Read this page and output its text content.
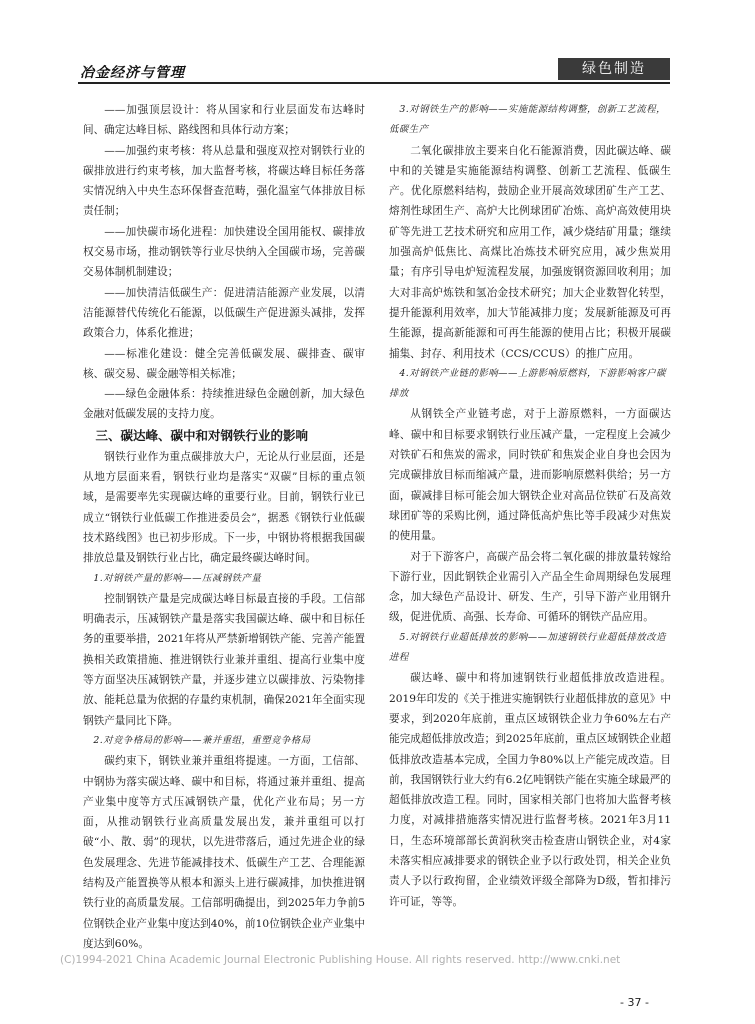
冶金经济与管理	绿色制造

——加强顶层设计：将从国家和行业层面发布达峰时间、确定达峰目标、路线图和具体行动方案；

——加强约束考核：将从总量和强度双控对钢铁行业的碳排放进行约束考核，加大监督考核，将碳达峰目标任务落实情况纳入中央生态环保督查范畴，强化温室气体排放目标责任制；

——加快碳市场化进程：加快建设全国用能权、碳排放权交易市场，推动钢铁等行业尽快纳入全国碳市场，完善碳交易体制机制建设；

——加快清洁低碳生产：促进清洁能源产业发展，以清洁能源替代传统化石能源，以低碳生产促进源头减排，发挥政策合力，体系化推进；

——标准化建设：健全完善低碳发展、碳排查、碳审核、碳交易、碳金融等相关标准；

——绿色金融体系：持续推进绿色金融创新，加大绿色金融对低碳发展的支持力度。

三、碳达峰、碳中和对钢铁行业的影响

钢铁行业作为重点碳排放大户，无论从行业层面，还是从地方层面来看，钢铁行业均是落实“双碳”目标的重点领域，是需要率先实现碳达峰的重要行业。目前，钢铁行业已成立“钢铁行业低碳工作推进委员会”，据悉《钢铁行业低碳技术路线图》也已初步形成。下一步，中钢协将根据我国碳排放总量及钢铁行业占比，确定最终碳达峰时间。

1.对钢铁产量的影响——压减钢铁产量

控制钢铁产量是完成碳达峰目标最直接的手段。工信部明确表示，压减钢铁产量是落实我国碳达峰、碳中和目标任务的重要举措，2021年将从严禁新增钢铁产能、完善产能置换相关政策措施、推进钢铁行业兼并重组、提高行业集中度等方面坚决压减钢铁产量，并逐步建立以碳排放、污染物排放、能耗总量为依据的存量约束机制，确保2021年全面实现钢铁产量同比下降。

2.对竞争格局的影响——兼并重组，重塑竞争格局

碳约束下，钢铁业兼并重组将提速。一方面，工信部、中钢协为落实碳达峰、碳中和目标，将通过兼并重组、提高产业集中度等方式压减钢铁产量，优化产业布局；另一方面，从推动钢铁行业高质量发展出发，兼并重组可以打破“小、散、弱”的现状，以先进带落后，通过先进企业的绿色发展理念、先进节能减排技术、低碳生产工艺、合理能源结构及产能置换等从根本和源头上进行碳减排，加快推进钢铁行业的高质量发展。工信部明确提出，到2025年力争前5位钢铁企业产业集中度达到40%，前10位钢铁企业产业集中度达到60%。

3.对钢铁生产的影响——实施能源结构调整，创新工艺流程，低碳生产

二氧化碳排放主要来自化石能源消费，因此碳达峰、碳中和的关键是实施能源结构调整、创新工艺流程、低碳生产。优化原燃料结构，鼓励企业开展高效球团矿生产工艺、熔剂性球团生产、高炉大比例球团矿冶炼、高炉高效使用块矿等先进工艺技术研究和应用工作，减少烧结矿用量；继续加强高炉低焦比、高煤比冶炼技术研究应用，减少焦炭用量；有序引导电炉短流程发展，加强废钢资源回收利用；加大对非高炉炼铁和氢冶金技术研究；加大企业数智化转型，提升能源利用效率，加大节能减排力度；发展新能源及可再生能源，提高新能源和可再生能源的使用占比；积极开展碳捕集、封存、利用技术（CCS/CCUS）的推广应用。

4.对钢铁产业链的影响——上游影响原燃料，下游影响客户碳排放

从钢铁全产业链考虑，对于上游原燃料，一方面碳达峰、碳中和目标要求钢铁行业压减产量，一定程度上会减少对铁矿石和焦炭的需求，同时铁矿和焦炭企业自身也会因为完成碳排放目标而缩减产量，进而影响原燃料供给；另一方面，碳减排目标可能会加大钢铁企业对高品位铁矿石及高效球团矿等的采购比例，通过降低高炉焦比等手段减少对焦炭的使用量。

对于下游客户，高碳产品会将二氧化碳的排放量转嫁给下游行业，因此钢铁企业需引入产品全生命周期绿色发展理念，加大绿色产品设计、研发、生产，引导下游产业用钢升级，促进优质、高强、长寿命、可循环的钢铁产品应用。

5.对钢铁行业超低排放的影响——加速钢铁行业超低排放改造进程

碳达峰、碳中和将加速钢铁行业超低排放改造进程。2019年印发的《关于推进实施钢铁行业超低排放的意见》中要求，到2020年底前，重点区域钢铁企业力争60%左右产能完成超低排放改造；到2025年底前，重点区域钢铁企业超低排放改造基本完成，全国力争80%以上产能完成改造。目前，我国钢铁行业大约有6.2亿吨钢铁产能在实施全球最严的超低排放改造工程。同时，国家相关部门也将加大监督考核力度，对减排措施落实情况进行监督考核。2021年3月11日，生态环境部部长黄润秋突击检查唐山钢铁企业，对4家未落实相应减排要求的钢铁企业予以行政处罚，相关企业负责人予以行政拘留，企业绩效评级全部降为D级，暂扣排污许可证，等等。

(C)1994-2021 China Academic Journal Electronic Publishing House. All rights reserved. http://www.cnki.net
- 37 -
